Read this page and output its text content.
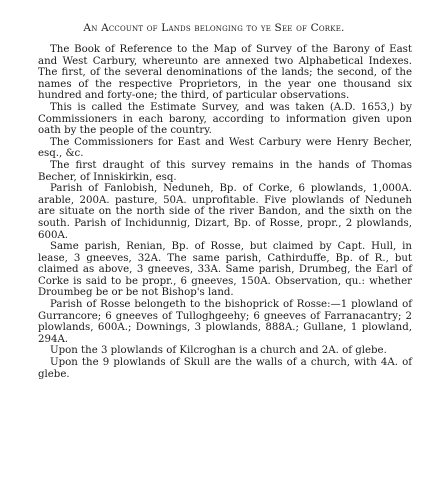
An Account of Lands belonging to ye See of Corke.

The Book of Reference to the Map of Survey of the Barony of East and West Carbury, whereunto are annexed two Alphabetical Indexes. The first, of the several denominations of the lands; the second, of the names of the respective Proprietors, in the year one thousand six hundred and forty-one; the third, of particular observations.

This is called the Estimate Survey, and was taken (A.D. 1653,) by Commissioners in each barony, according to information given upon oath by the people of the country.

The Commissioners for East and West Carbury were Henry Becher, esq., &c.

The first draught of this survey remains in the hands of Thomas Becher, of Inniskirkin, esq.

Parish of Fanlobish, Neduneh, Bp. of Corke, 6 plowlands, 1,000A. arable, 200A. pasture, 50A. unprofitable. Five plowlands of Neduneh are situate on the north side of the river Bandon, and the sixth on the south. Parish of Inchidunnig, Dizart, Bp. of Rosse, propr., 2 plowlands, 600A.

Same parish, Renian, Bp. of Rosse, but claimed by Capt. Hull, in lease, 3 gneeves, 32A. The same parish, Cathirduffe, Bp. of R., but claimed as above, 3 gneeves, 33A. Same parish, Drumbeg, the Earl of Corke is said to be propr., 6 gneeves, 150A. Observation, qu.: whether Droumbeg be or be not Bishop's land.

Parish of Rosse belongeth to the bishoprick of Rosse:—1 plowland of Gurrancore; 6 gneeves of Tulloghgeehy; 6 gneeves of Farranacantry; 2 plowlands, 600A.; Downings, 3 plowlands, 888A.; Gullane, 1 plowland, 294A.

Upon the 3 plowlands of Kilcroghan is a church and 2A. of glebe.

Upon the 9 plowlands of Skull are the walls of a church, with 4A. of glebe.
